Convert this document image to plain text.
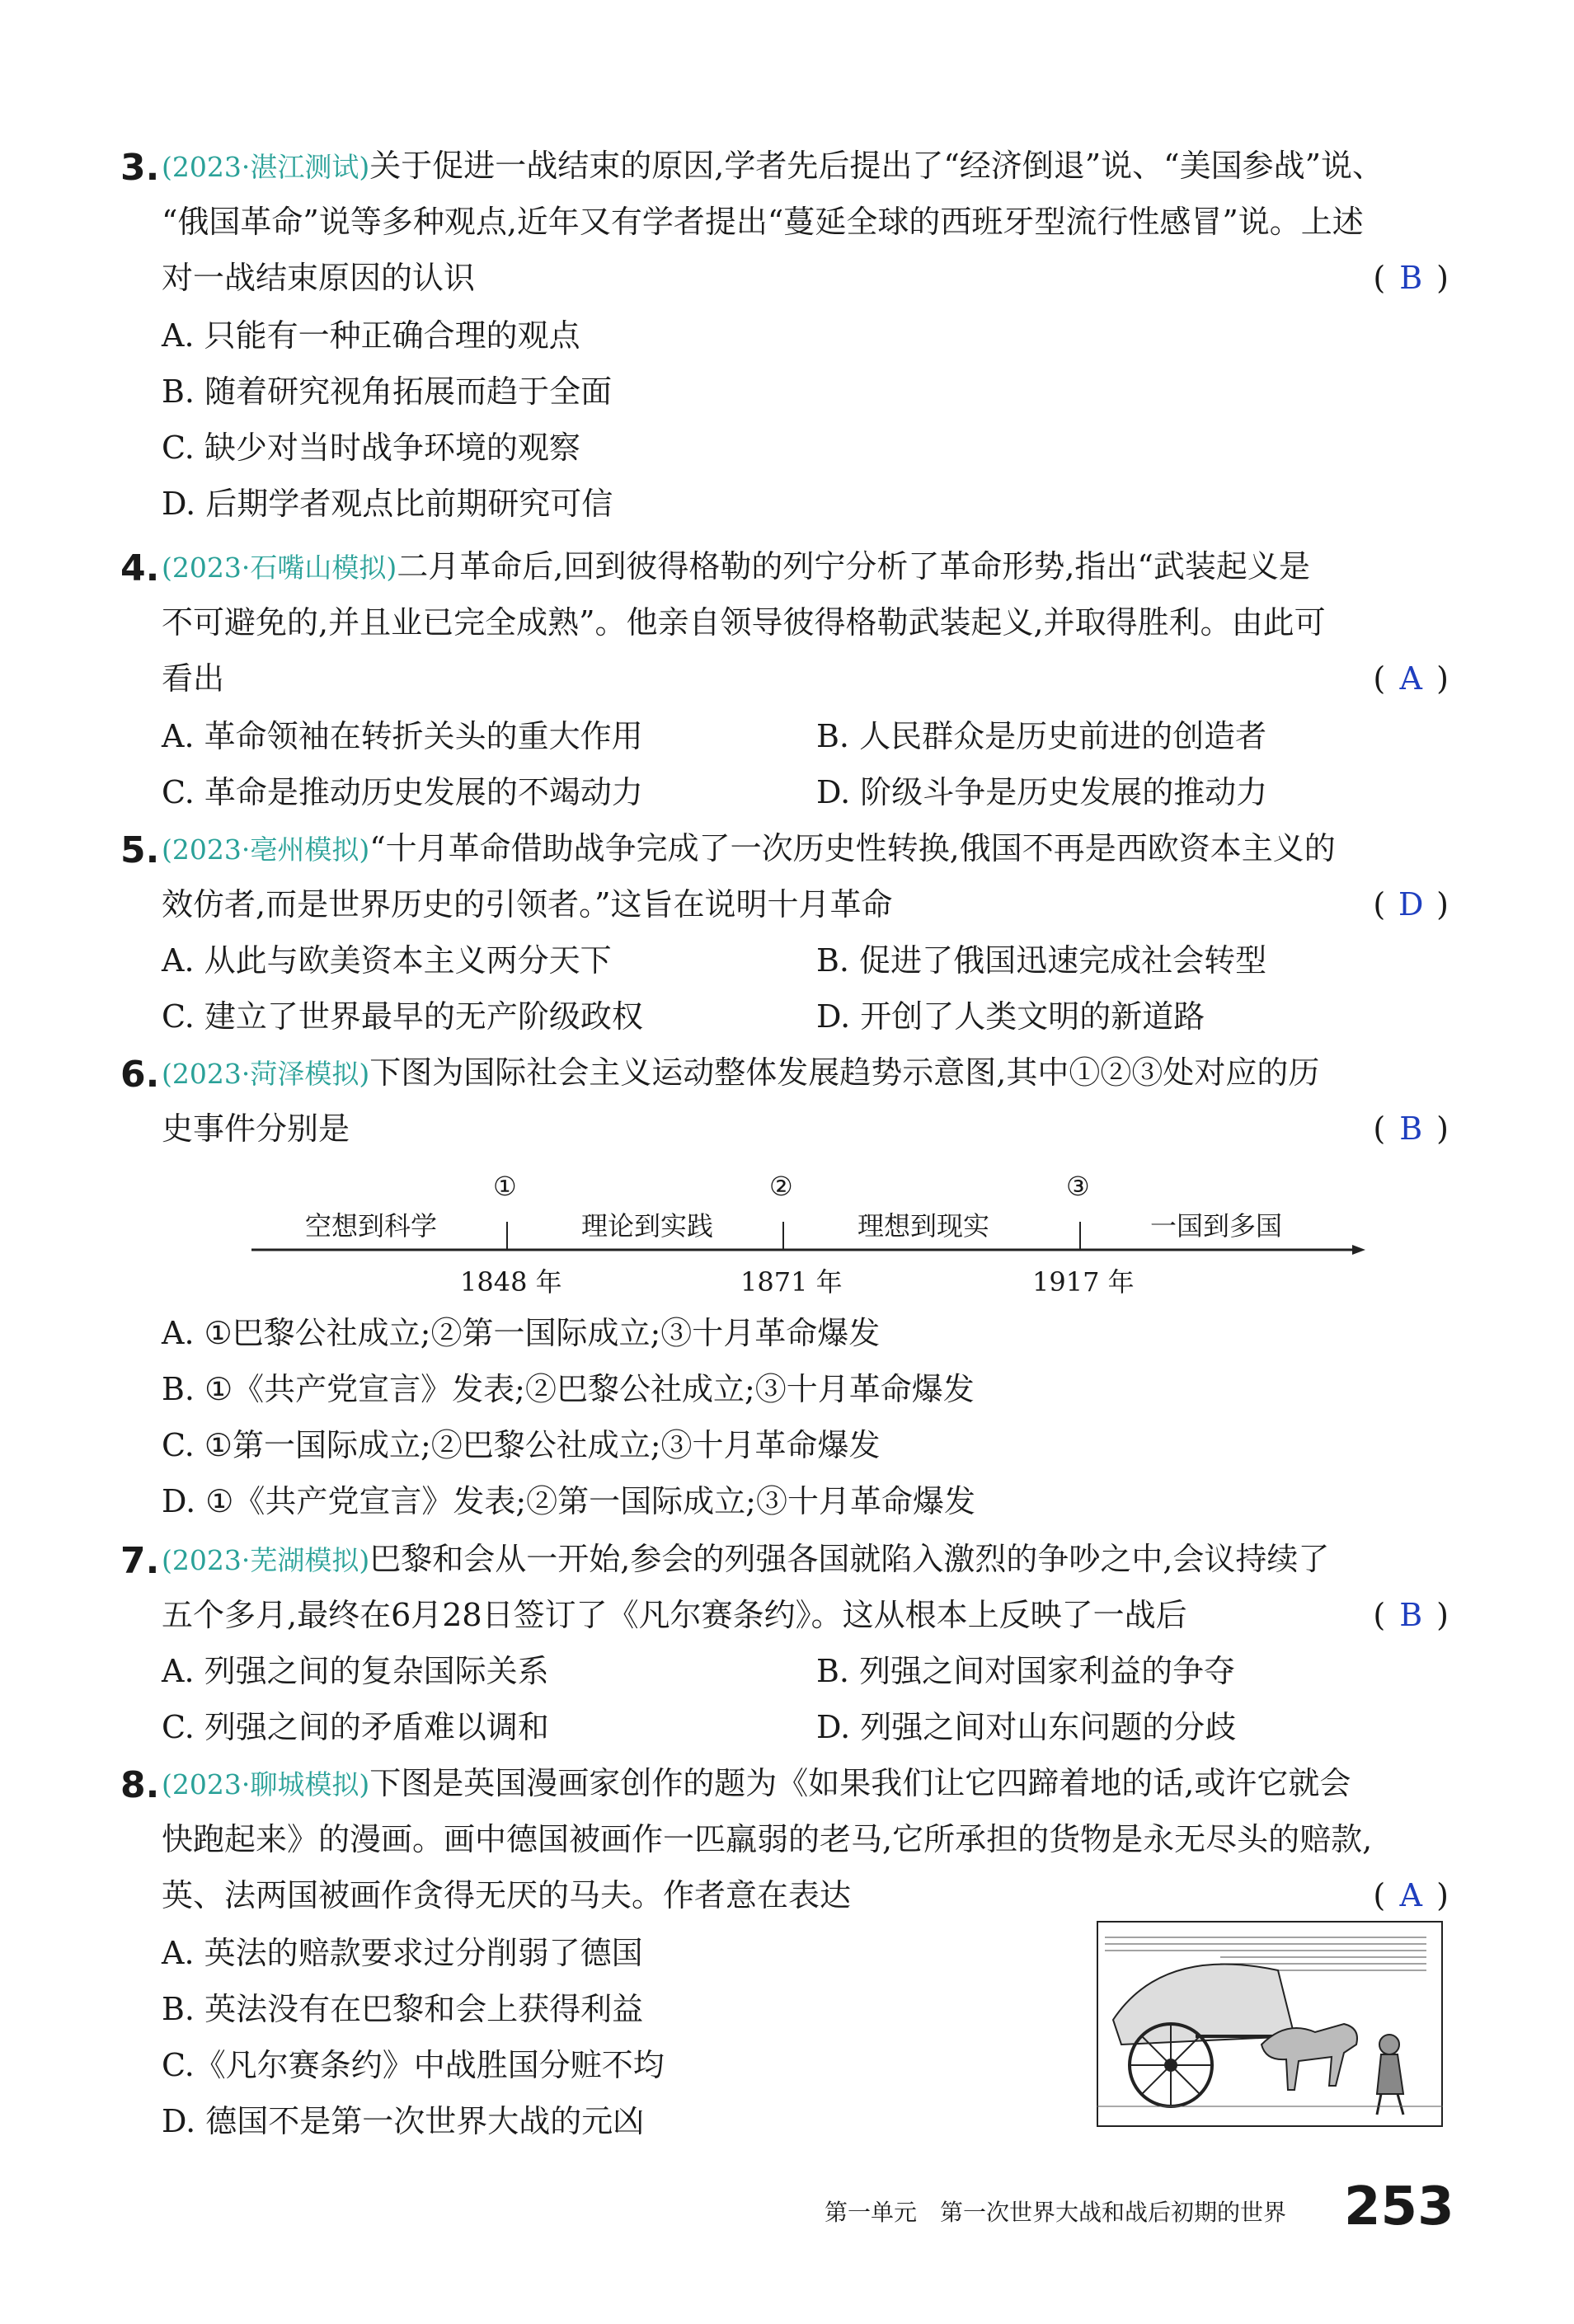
3. (2023·湛江测试)关于促进一战结束的原因,学者先后提出了“经济倒退”说、“美国参战”说、
“俄国革命”说等多种观点,近年又有学者提出“蔓延全球的西班牙型流行性感冒”说。上述
对一战结束原因的认识	( B )
A. 只能有一种正确合理的观点
B. 随着研究视角拓展而趋于全面
C. 缺少对当时战争环境的观察
D. 后期学者观点比前期研究可信
4. (2023·石嘴山模拟)二月革命后,回到彼得格勒的列宁分析了革命形势,指出“武装起义是
不可避免的,并且业已完全成熟”。他亲自领导彼得格勒武装起义,并取得胜利。由此可
看出	( A )
A. 革命领袖在转折关头的重大作用	B. 人民群众是历史前进的创造者
C. 革命是推动历史发展的不竭动力	D. 阶级斗争是历史发展的推动力
5. (2023·亳州模拟)“十月革命借助战争完成了一次历史性转换,俄国不再是西欧资本主义的
效仿者,而是世界历史的引领者。”这旨在说明十月革命	( D )
A. 从此与欧美资本主义两分天下	B. 促进了俄国迅速完成社会转型
C. 建立了世界最早的无产阶级政权	D. 开创了人类文明的新道路
6. (2023·菏泽模拟)下图为国际社会主义运动整体发展趋势示意图,其中①②③处对应的历
史事件分别是	( B )
空想到科学	理论到实践	理想到现实	一国到多国
①	②	③
1848 年	1871 年	1917 年
A. ①巴黎公社成立;②第一国际成立;③十月革命爆发
B. ①《共产党宣言》发表;②巴黎公社成立;③十月革命爆发
C. ①第一国际成立;②巴黎公社成立;③十月革命爆发
D. ①《共产党宣言》发表;②第一国际成立;③十月革命爆发
7. (2023·芜湖模拟)巴黎和会从一开始,参会的列强各国就陷入激烈的争吵之中,会议持续了
五个多月,最终在6月28日签订了《凡尔赛条约》。这从根本上反映了一战后	( B )
A. 列强之间的复杂国际关系	B. 列强之间对国家利益的争夺
C. 列强之间的矛盾难以调和	D. 列强之间对山东问题的分歧
8. (2023·聊城模拟)下图是英国漫画家创作的题为《如果我们让它四蹄着地的话,或许它就会
快跑起来》的漫画。画中德国被画作一匹羸弱的老马,它所承担的货物是永无尽头的赔款,
英、法两国被画作贪得无厌的马夫。作者意在表达	( A )
A. 英法的赔款要求过分削弱了德国
B. 英法没有在巴黎和会上获得利益
C.《凡尔赛条约》中战胜国分赃不均
D. 德国不是第一次世界大战的元凶
第一单元　第一次世界大战和战后初期的世界 253
